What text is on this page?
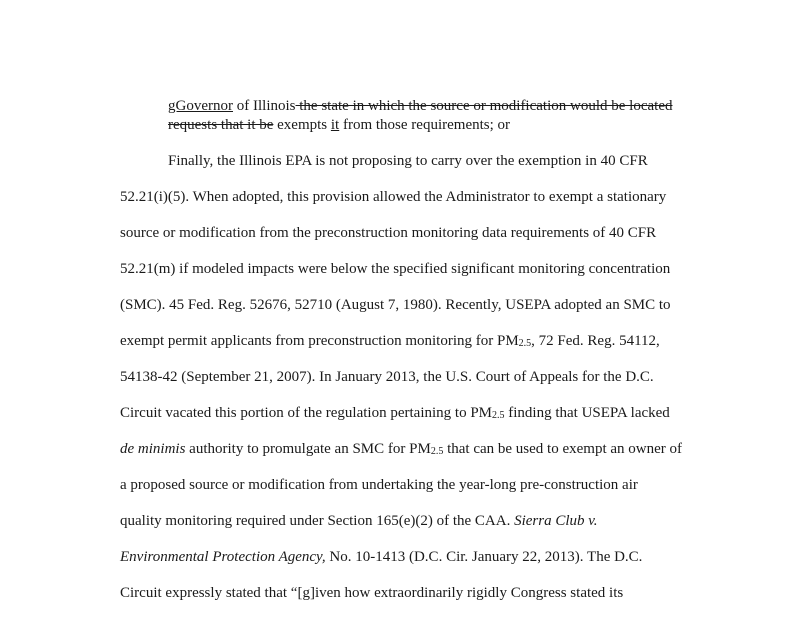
gGovernor of Illinois the state in which the source or modification would be located
requests that it be exempts it from those requirements; or
Finally, the Illinois EPA is not proposing to carry over the exemption in 40 CFR
52.21(i)(5). When adopted, this provision allowed the Administrator to exempt a stationary
source or modification from the preconstruction monitoring data requirements of 40 CFR
52.21(m) if modeled impacts were below the specified significant monitoring concentration
(SMC). 45 Fed. Reg. 52676, 52710 (August 7, 1980). Recently, USEPA adopted an SMC to
exempt permit applicants from preconstruction monitoring for $PM_{2.5}$, 72 Fed. Reg. 54112,
54138-42 (September 21, 2007). In January 2013, the U.S. Court of Appeals for the D.C.
Circuit vacated this portion of the regulation pertaining to $PM_{2.5}$ finding that USEPA lacked
de minimis authority to promulgate an SMC for $PM_{2.5}$ that can be used to exempt an owner of
a proposed source or modification from undertaking the year-long pre-construction air
quality monitoring required under Section 165(e)(2) of the CAA. Sierra Club v.
Environmental Protection Agency, No. 10-1413 (D.C. Cir. January 22, 2013). The D.C.
Circuit expressly stated that “[g]iven how extraordinarily rigidly Congress stated its
